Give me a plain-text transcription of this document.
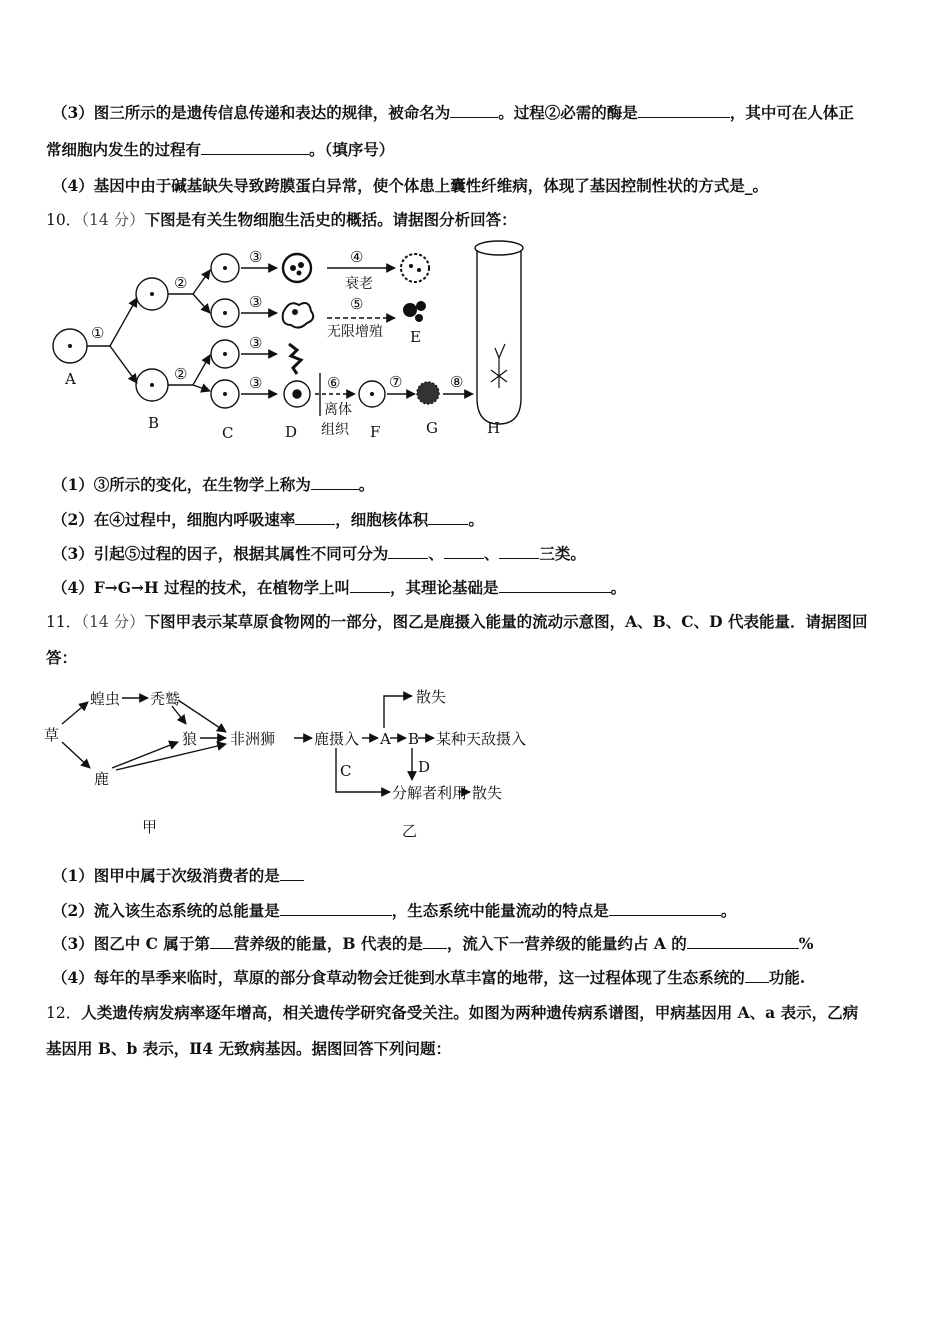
（3）图三所示的是遗传信息传递和表达的规律，被命名为	。过程②必需的酶是	，其中可在人体正
常细胞内发生的过程有	。（填序号）
（4）基因中由于碱基缺失导致跨膜蛋白异常，使个体患上囊性纤维病，体现了基因控制性状的方式是_。
10．（14 分）下图是有关生物细胞生活史的概括。请据图分析回答：
①
②
②
③
③
③
③
④
⑤
⑥	⑦	⑧
衰老
无限增殖
离体
组织
A
B
C	D
E
F	G	H
（1）③所示的变化，在生物学上称为	。
（2）在④过程中，细胞内呼吸速率	，细胞核体积	。
（3）引起⑤过程的因子，根据其属性不同可分为	、	、	三类。
（4）F→G→H 过程的技术，在植物学上叫	，其理论基础是	。
11．（14 分）下图甲表示某草原食物网的一部分，图乙是鹿摄入能量的流动示意图，A、B、C、D 代表能量．请据图回
答：
草
蝗虫 秃鹫
狼 非洲狮
鹿
甲
鹿摄入 A B 某种天敌摄入
散失
分解者利用 散失
C	D
乙
（1）图甲中属于次级消费者的是
（2）流入该生态系统的总能量是	，生态系统中能量流动的特点是	。
（3）图乙中 C 属于第 营养级的能量，B 代表的是 ，流入下一营养级的能量约占 A 的	%
（4）每年的旱季来临时，草原的部分食草动物会迁徙到水草丰富的地带，这一过程体现了生态系统的 功能.
12．人类遗传病发病率逐年增高，相关遗传学研究备受关注。如图为两种遗传病系谱图，甲病基因用 A、a 表示，乙病
基因用 B、b 表示，Ⅱ4 无致病基因。据图回答下列问题：
